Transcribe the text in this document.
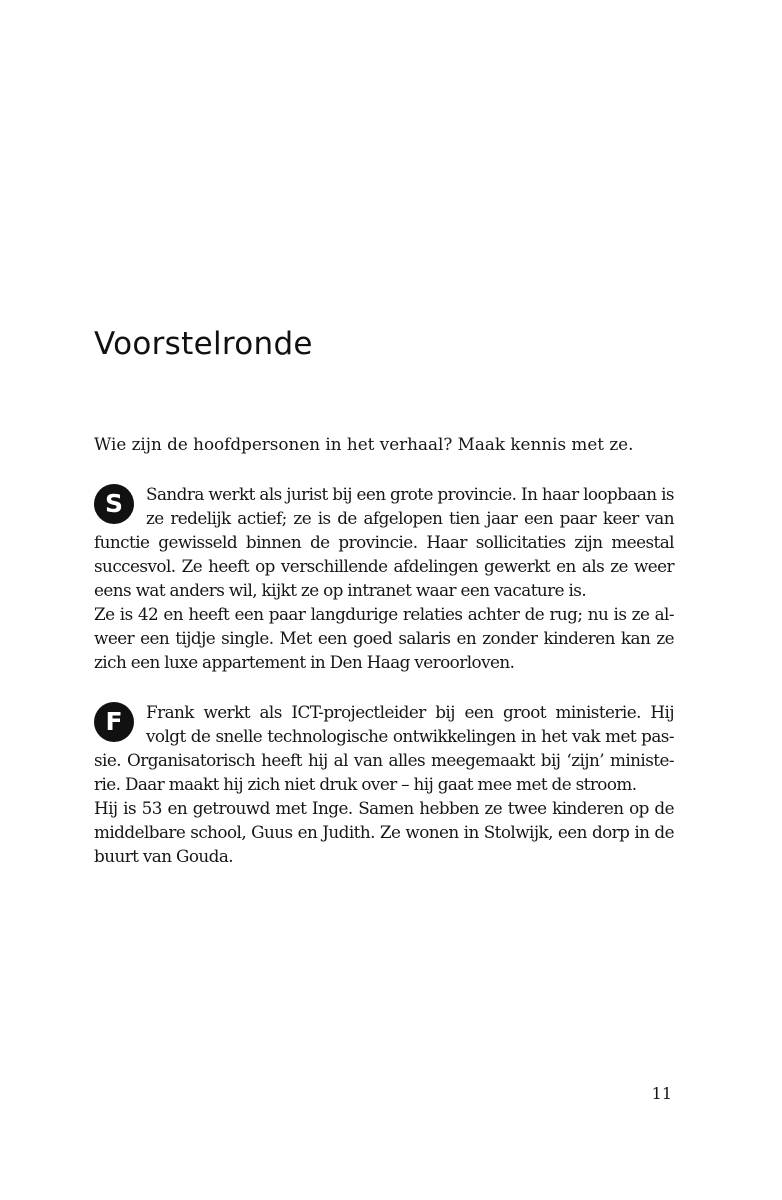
Voorstelronde

Wie zijn de hoofdpersonen in het verhaal? Maak kennis met ze.

S	Sandra werkt als jurist bij een grote provincie. In haar loopbaan is ze redelijk actief; ze is de afgelopen tien jaar een paar keer van functie gewisseld binnen de provincie. Haar sollicitaties zijn meestal succesvol. Ze heeft op verschillende afdelingen gewerkt en als ze weer eens wat anders wil, kijkt ze op intranet waar een vacature is.

Ze is 42 en heeft een paar langdurige relaties achter de rug; nu is ze al-weer een tijdje single. Met een goed salaris en zonder kinderen kan ze zich een luxe appartement in Den Haag veroorloven.

F	Frank werkt als ICT-projectleider bij een groot ministerie. Hij volgt de snelle technologische ontwikkelingen in het vak met pas-sie. Organisatorisch heeft hij al van alles meegemaakt bij ‘zijn’ ministe-rie. Daar maakt hij zich niet druk over – hij gaat mee met de stroom.

Hij is 53 en getrouwd met Inge. Samen hebben ze twee kinderen op de middelbare school, Guus en Judith. Ze wonen in Stolwijk, een dorp in de buurt van Gouda.

11
